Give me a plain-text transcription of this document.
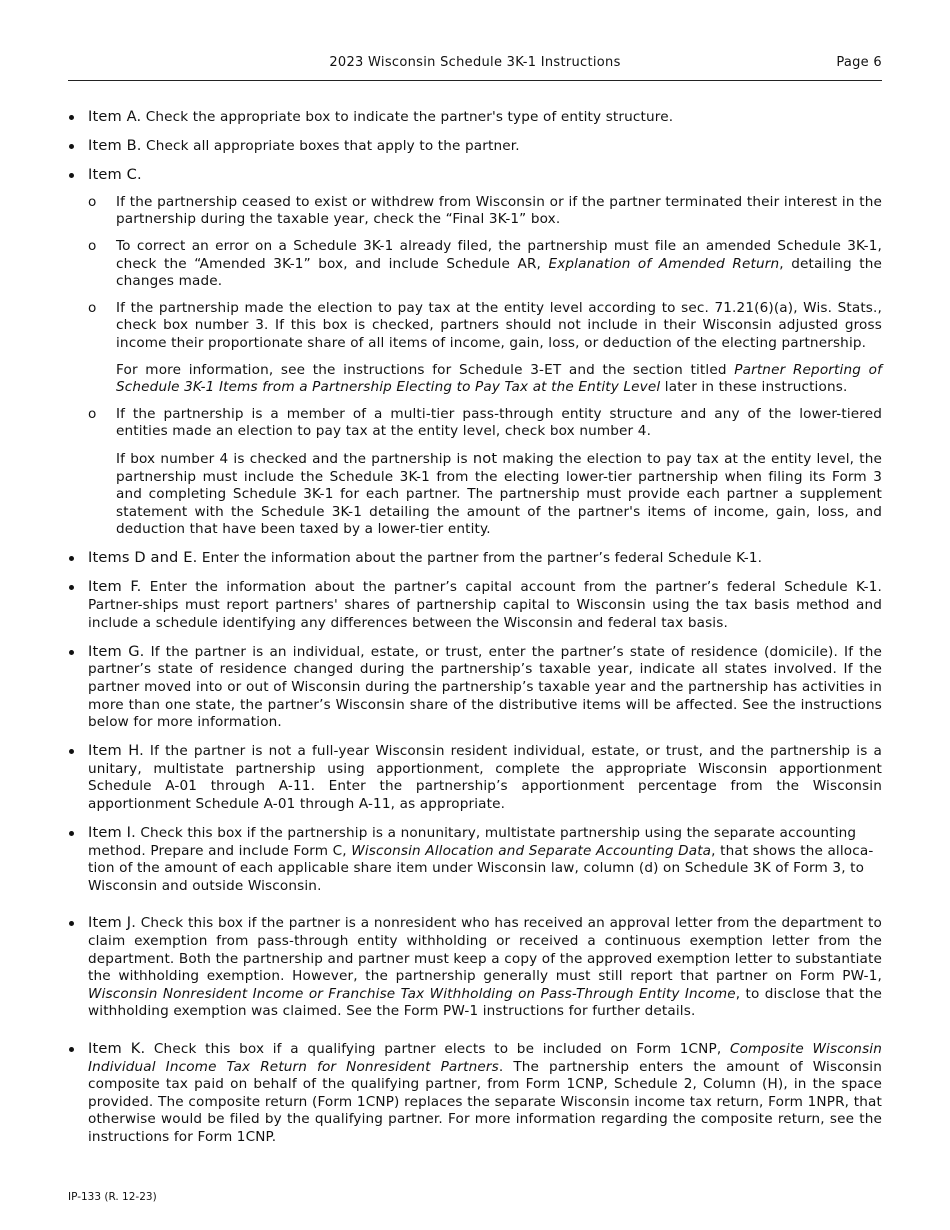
2023 Wisconsin Schedule 3K-1 Instructions	Page 6
Item A. Check the appropriate box to indicate the partner's type of entity structure.
Item B. Check all appropriate boxes that apply to the partner.
Item C.
o If the partnership ceased to exist or withdrew from Wisconsin or if the partner terminated their interest in the partnership during the taxable year, check the “Final 3K-1” box.
o To correct an error on a Schedule 3K-1 already filed, the partnership must file an amended Schedule 3K-1, check the “Amended 3K-1” box, and include Schedule AR, Explanation of Amended Return, detailing the changes made.
o If the partnership made the election to pay tax at the entity level according to sec. 71.21(6)(a), Wis. Stats., check box number 3. If this box is checked, partners should not include in their Wisconsin adjusted gross income their proportionate share of all items of income, gain, loss, or deduction of the electing partnership.
For more information, see the instructions for Schedule 3-ET and the section titled Partner Reporting of Schedule 3K-1 Items from a Partnership Electing to Pay Tax at the Entity Level later in these instructions.
o If the partnership is a member of a multi-tier pass-through entity structure and any of the lower-tiered entities made an election to pay tax at the entity level, check box number 4.
If box number 4 is checked and the partnership is not making the election to pay tax at the entity level, the partnership must include the Schedule 3K-1 from the electing lower-tier partnership when filing its Form 3 and completing Schedule 3K-1 for each partner. The partnership must provide each partner a supplement statement with the Schedule 3K-1 detailing the amount of the partner's items of income, gain, loss, and deduction that have been taxed by a lower-tier entity.
Items D and E. Enter the information about the partner from the partner’s federal Schedule K-1.
Item F. Enter the information about the partner’s capital account from the partner’s federal Schedule K-1. Partner-ships must report partners' shares of partnership capital to Wisconsin using the tax basis method and include a schedule identifying any differences between the Wisconsin and federal tax basis.
Item G. If the partner is an individual, estate, or trust, enter the partner’s state of residence (domicile). If the partner’s state of residence changed during the partnership’s taxable year, indicate all states involved. If the partner moved into or out of Wisconsin during the partnership’s taxable year and the partnership has activities in more than one state, the partner’s Wisconsin share of the distributive items will be affected. See the instructions below for more information.
Item H. If the partner is not a full-year Wisconsin resident individual, estate, or trust, and the partnership is a unitary, multistate partnership using apportionment, complete the appropriate Wisconsin apportionment Schedule A-01 through A-11. Enter the partnership’s apportionment percentage from the Wisconsin apportionment Schedule A-01 through A-11, as appropriate.
Item I. Check this box if the partnership is a nonunitary, multistate partnership using the separate accounting method. Prepare and include Form C, Wisconsin Allocation and Separate Accounting Data, that shows the alloca-tion of the amount of each applicable share item under Wisconsin law, column (d) on Schedule 3K of Form 3, to Wisconsin and outside Wisconsin.
Item J. Check this box if the partner is a nonresident who has received an approval letter from the department to claim exemption from pass-through entity withholding or received a continuous exemption letter from the department. Both the partnership and partner must keep a copy of the approved exemption letter to substantiate the withholding exemption. However, the partnership generally must still report that partner on Form PW-1, Wisconsin Nonresident Income or Franchise Tax Withholding on Pass-Through Entity Income, to disclose that the withholding exemption was claimed. See the Form PW-1 instructions for further details.
Item K. Check this box if a qualifying partner elects to be included on Form 1CNP, Composite Wisconsin Individual Income Tax Return for Nonresident Partners. The partnership enters the amount of Wisconsin composite tax paid on behalf of the qualifying partner, from Form 1CNP, Schedule 2, Column (H), in the space provided. The composite return (Form 1CNP) replaces the separate Wisconsin income tax return, Form 1NPR, that otherwise would be filed by the qualifying partner. For more information regarding the composite return, see the instructions for Form 1CNP.
IP-133 (R. 12-23)
